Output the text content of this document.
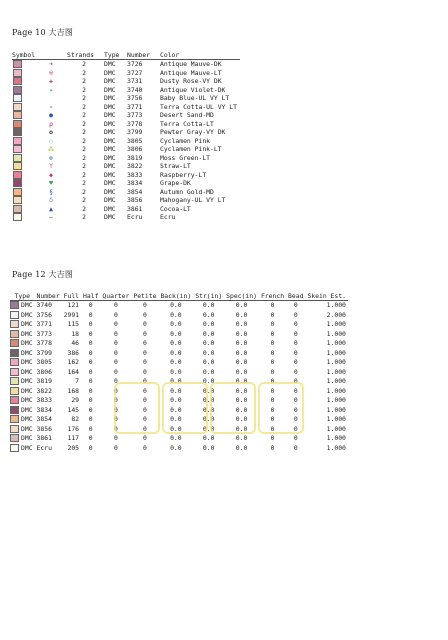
Page 10 大吉图
Symbol		Strands	Type	Number	Color
	➔	2	DMC	3726	Antique Mauve-DK
	※	2	DMC	3727	Antique Mauve-LT
	✚	2	DMC	3731	Dusty Rose-VY DK
	✦	2	DMC	3740	Antique Violet-DK
		2	DMC	3756	Baby Blue-UL VY LT
	¤	2	DMC	3771	Terra Cotta-UL VY LT
	●	2	DMC	3773	Desert Sand-MD
	ρ	2	DMC	3778	Terra Cotta-LT
	✪	2	DMC	3799	Pewter Gray-VY DK
	◌	2	DMC	3805	Cyclamen Pink
	⁂	2	DMC	3806	Cyclamen Pink-LT
	⊛	2	DMC	3819	Moss Green-LT
	ϒ	2	DMC	3822	Straw-LT
	◆	2	DMC	3833	Raspberry-LT
	♥	2	DMC	3834	Grape-DK
	§	2	DMC	3854	Autumn Gold-MD
	δ	2	DMC	3856	Mahogany-UL VY LT
	▲	2	DMC	3861	Cocoa-LT
	—	2	DMC	Ecru	Ecru
Page 12 大吉图
Type	Number	Full	Half	Quarter	Petite	Back(in)	Str(in)	Spec(in)	French	Bead	Skein Est.
DMC	3740	121	0	0	0	0.0	0.0	0.0	0	0	1.000
DMC	3756	2991	0	0	0	0.0	0.0	0.0	0	0	2.000
DMC	3771	115	0	0	0	0.0	0.0	0.0	0	0	1.000
DMC	3773	18	0	0	0	0.0	0.0	0.0	0	0	1.000
DMC	3778	46	0	0	0	0.0	0.0	0.0	0	0	1.000
DMC	3799	386	0	0	0	0.0	0.0	0.0	0	0	1.000
DMC	3805	162	0	0	0	0.0	0.0	0.0	0	0	1.000
DMC	3806	164	0	0	0	0.0	0.0	0.0	0	0	1.000
DMC	3819	7	0	0	0	0.0	0.0	0.0	0	0	1.000
DMC	3822	168	0	0	0	0.0	0.0	0.0	0	0	1.000
DMC	3833	29	0	0	0	0.0	0.0	0.0	0	0	1.000
DMC	3834	145	0	0	0	0.0	0.0	0.0	0	0	1.000
DMC	3854	82	0	0	0	0.0	0.0	0.0	0	0	1.000
DMC	3856	176	0	0	0	0.0	0.0	0.0	0	0	1.000
DMC	3861	117	0	0	0	0.0	0.0	0.0	0	0	1.000
DMC	Ecru	205	0	0	0	0.0	0.0	0.0	0	0	1.000
